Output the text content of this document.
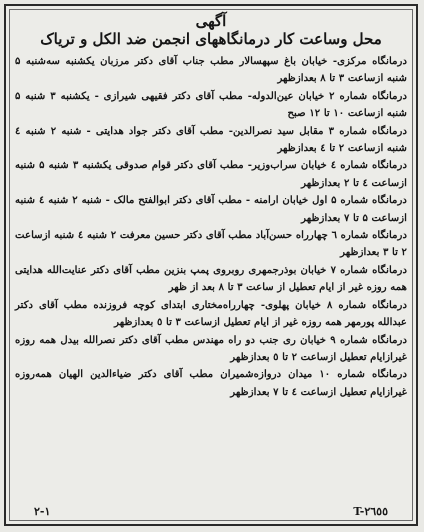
آگهی
محل وساعت کار درمانگاههای انجمن ضد الکل و تریاک

درمانگاه مرکزی- خیابان باغ سپهسالار مطب جناب آقای دکتر مرزبان یکشنبه سه‌شنبه ۵ شنبه ازساعت ۳ تا ۸ بعدازظهر

درمانگاه شماره ۲ خیابان عین‌الدوله- مطب آقای دکتر فقیهی شیرازی - یکشنبه ۳ شنبه ۵ شنبه ازساعت ۱۰ تا ۱۲ صبح

درمانگاه شماره ۳ مقابل سید نصرالدین- مطب آقای دکتر جواد هدایتی - شنبه ۲ شنبه ٤ شنبه ازساعت ۲ تا ٤ بعدازظهر

درمانگاه شماره ٤ خیابان سراب‌وزیر- مطب آقای دکتر قوام صدوقی یکشنبه ۳ شنبه ۵ شنبه ازساعت ٤ تا ٢ بعدازظهر

درمانگاه شماره ۵ اول خیابان ارامنه - مطب آقای دکتر ابوالفتح مالک - شنبه ٢ شنبه ٤ شنبه ازساعت ۵ تا ۷ بعدازظهر

درمانگاه شماره ٦ چهارراه حسن‌آباد مطب آقای دکتر حسین معرفت ۲ شنبه ٤ شنبه ازساعت ٢ تا ٣ بعدازظهر

درمانگاه شماره ۷ خیابان بوذرجمهری روبروی پمپ بنزین مطب آقای دکتر عنایت‌الله هدایتی همه روزه غیر از ایام تعطیل از ساعت ٣ تا ٨ بعد از ظهر

درمانگاه شماره ۸ خیابان پهلوی- چهارراه‌مختاری ابتدای کوچه فروزنده مطب آقای دکتر عبدالله پورمهر همه روزه غیر از ایام تعطیل ازساعت ۳ تا ٥ بعدازظهر

درمانگاه شماره ۹ خیابان ری جنب دو راه مهندس مطب آقای دکتر نصرالله بیدل همه روزه غیرازایام تعطیل ازساعت ٢ تا ٥ بعدازظهر

درمانگاه شماره ۱۰ میدان دروازه‌شمیران مطب آقای دکتر ضیاءالدین الهیان همه‌روزه غیرازایام تعطیل ازساعت ٤ تا ٧ بعدازظهر

T-۲٦٥٥
۲-۱
